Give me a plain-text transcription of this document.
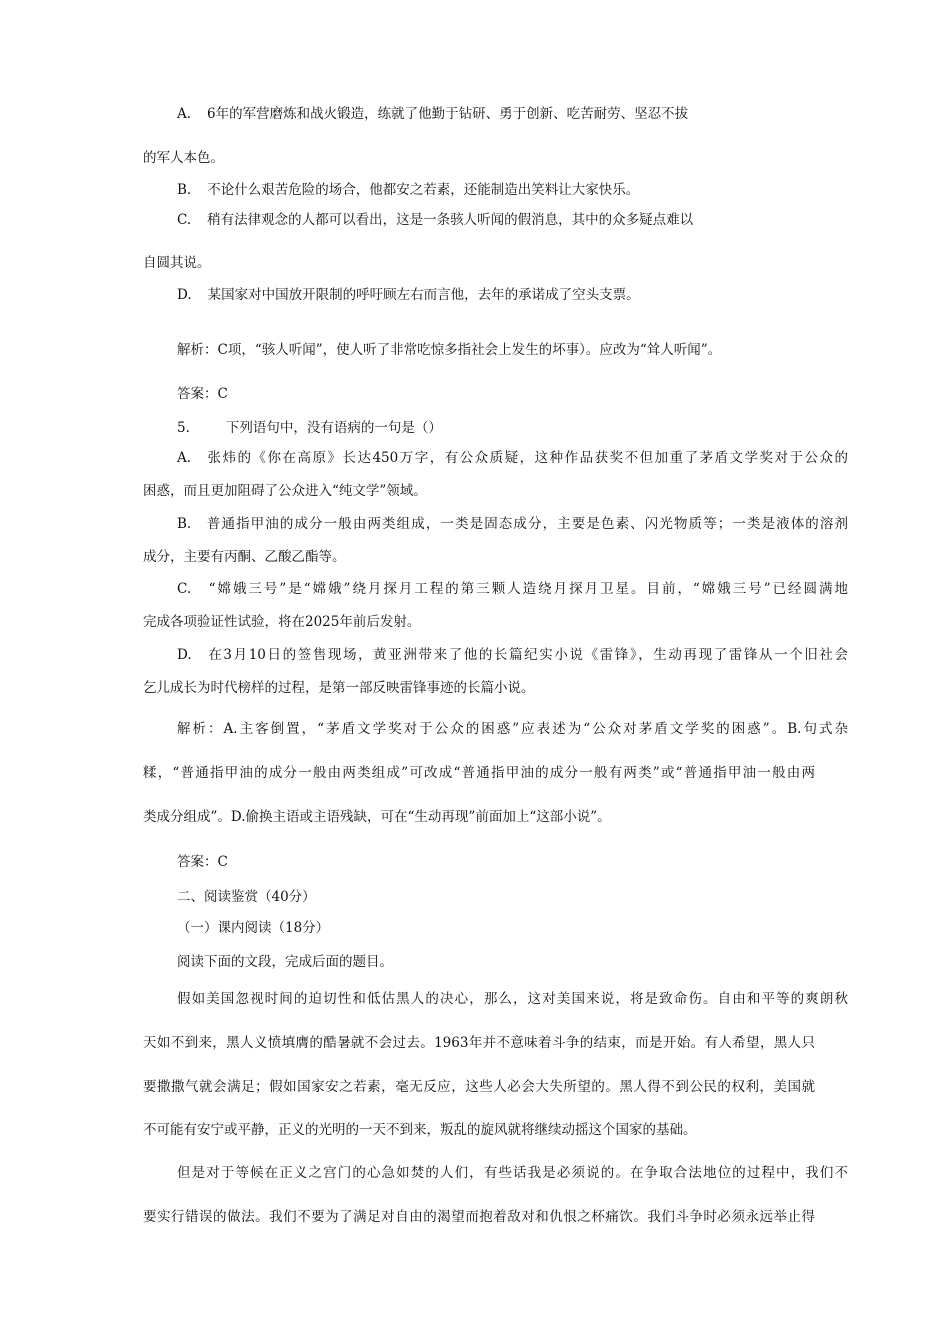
A. 6年的军营磨炼和战火锻造，练就了他勤于钻研、勇于创新、吃苦耐劳、坚忍不拔
的军人本色。
B. 不论什么艰苦危险的场合，他都安之若素，还能制造出笑料让大家快乐。
C. 稍有法律观念的人都可以看出，这是一条骇人听闻的假消息，其中的众多疑点难以
自圆其说。
D. 某国家对中国放开限制的呼吁顾左右而言他，去年的承诺成了空头支票。
解析：C项，“骇人听闻”，使人听了非常吃惊多指社会上发生的坏事）。应改为“耸人听闻”。
答案：C
5.	下列语句中，没有语病的一句是（）
A.　张炜的《你在高原》长达450万字，有公众质疑，这种作品获奖不但加重了茅盾文学奖对于公众的
困惑，而且更加阻碍了公众进入“纯文学”领域。
B.　普通指甲油的成分一般由两类组成，一类是固态成分，主要是色素、闪光物质等；一类是液体的溶剂
成分，主要有丙酮、乙酸乙酯等。
C.　“嫦娥三号”是“嫦娥”绕月探月工程的第三颗人造绕月探月卫星。目前，“嫦娥三号”已经圆满地
完成各项验证性试验，将在2025年前后发射。
D.　在3月10日的签售现场，黄亚洲带来了他的长篇纪实小说《雷锋》，生动再现了雷锋从一个旧社会
乞儿成长为时代榜样的过程，是第一部反映雷锋事迹的长篇小说。
解析：A.主客倒置，“茅盾文学奖对于公众的困惑”应表述为“公众对茅盾文学奖的困惑”。B.句式杂
糅，“普通指甲油的成分一般由两类组成”可改成“普通指甲油的成分一般有两类”或“普通指甲油一般由两
类成分组成”。D.偷换主语或主语残缺，可在“生动再现”前面加上“这部小说”。
答案：C
二、阅读鉴赏（40分）
（一）课内阅读（18分）
阅读下面的文段，完成后面的题目。
假如美国忽视时间的迫切性和低估黑人的决心，那么，这对美国来说，将是致命伤。自由和平等的爽朗秋
天如不到来，黑人义愤填膺的酷暑就不会过去。1963年并不意味着斗争的结束，而是开始。有人希望，黑人只
要撒撒气就会满足；假如国家安之若素，毫无反应，这些人必会大失所望的。黑人得不到公民的权利，美国就
不可能有安宁或平静，正义的光明的一天不到来，叛乱的旋风就将继续动摇这个国家的基础。
但是对于等候在正义之宫门的心急如焚的人们，有些话我是必须说的。在争取合法地位的过程中，我们不
要实行错误的做法。我们不要为了满足对自由的渴望而抱着敌对和仇恨之杯痛饮。我们斗争时必须永远举止得
